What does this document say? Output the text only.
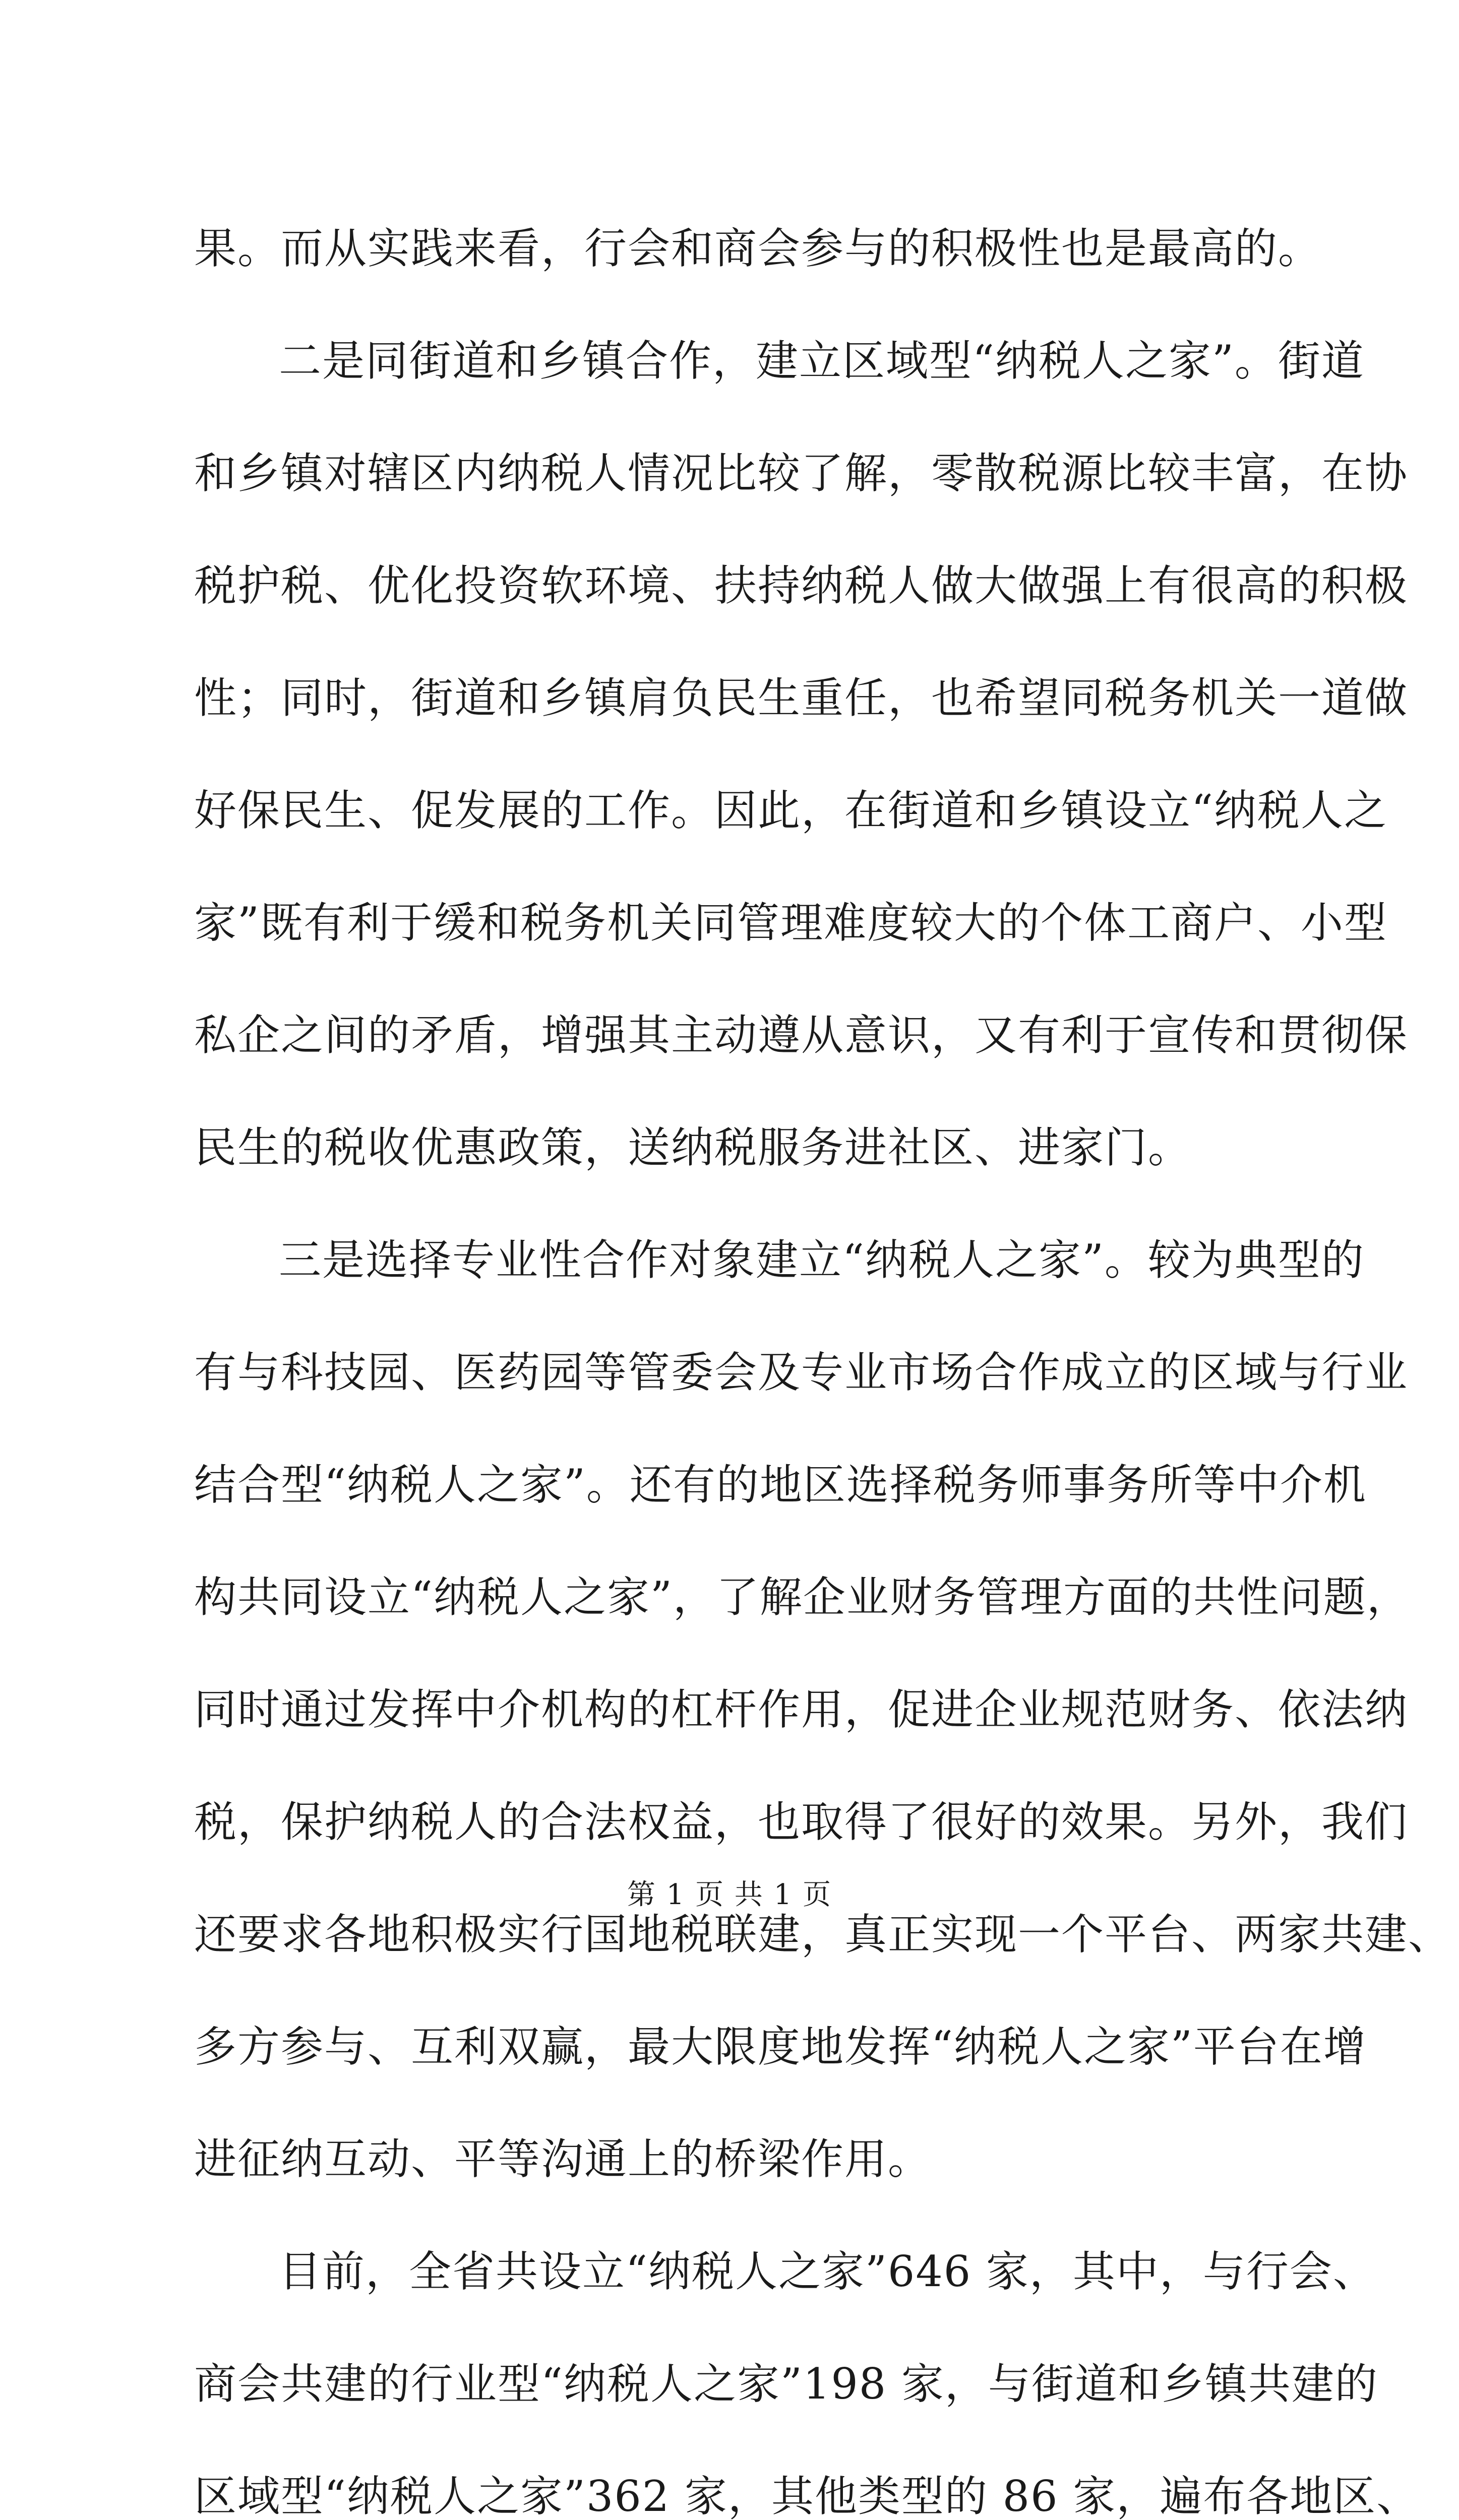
果。而从实践来看，行会和商会参与的积极性也是最高的。
二是同街道和乡镇合作，建立区域型“纳税人之家”。街道
和乡镇对辖区内纳税人情况比较了解，零散税源比较丰富，在协
税护税、优化投资软环境、扶持纳税人做大做强上有很高的积极
性；同时，街道和乡镇肩负民生重任，也希望同税务机关一道做
好保民生、促发展的工作。因此，在街道和乡镇设立“纳税人之
家”既有利于缓和税务机关同管理难度较大的个体工商户、小型
私企之间的矛盾，增强其主动遵从意识，又有利于宣传和贯彻保
民生的税收优惠政策，送纳税服务进社区、进家门。
三是选择专业性合作对象建立“纳税人之家”。较为典型的
有与科技园、医药园等管委会及专业市场合作成立的区域与行业
结合型“纳税人之家”。还有的地区选择税务师事务所等中介机
构共同设立“纳税人之家”，了解企业财务管理方面的共性问题，
同时通过发挥中介机构的杠杆作用，促进企业规范财务、依法纳
税，保护纳税人的合法权益，也取得了很好的效果。另外，我们
还要求各地积极实行国地税联建，真正实现一个平台、两家共建、
多方参与、互利双赢，最大限度地发挥“纳税人之家”平台在增
进征纳互动、平等沟通上的桥梁作用。
目前，全省共设立“纳税人之家”646 家，其中，与行会、
商会共建的行业型“纳税人之家”198 家，与街道和乡镇共建的
区域型“纳税人之家”362 家，其他类型的 86 家，遍布各地区、
第 1 页 共 1 页
